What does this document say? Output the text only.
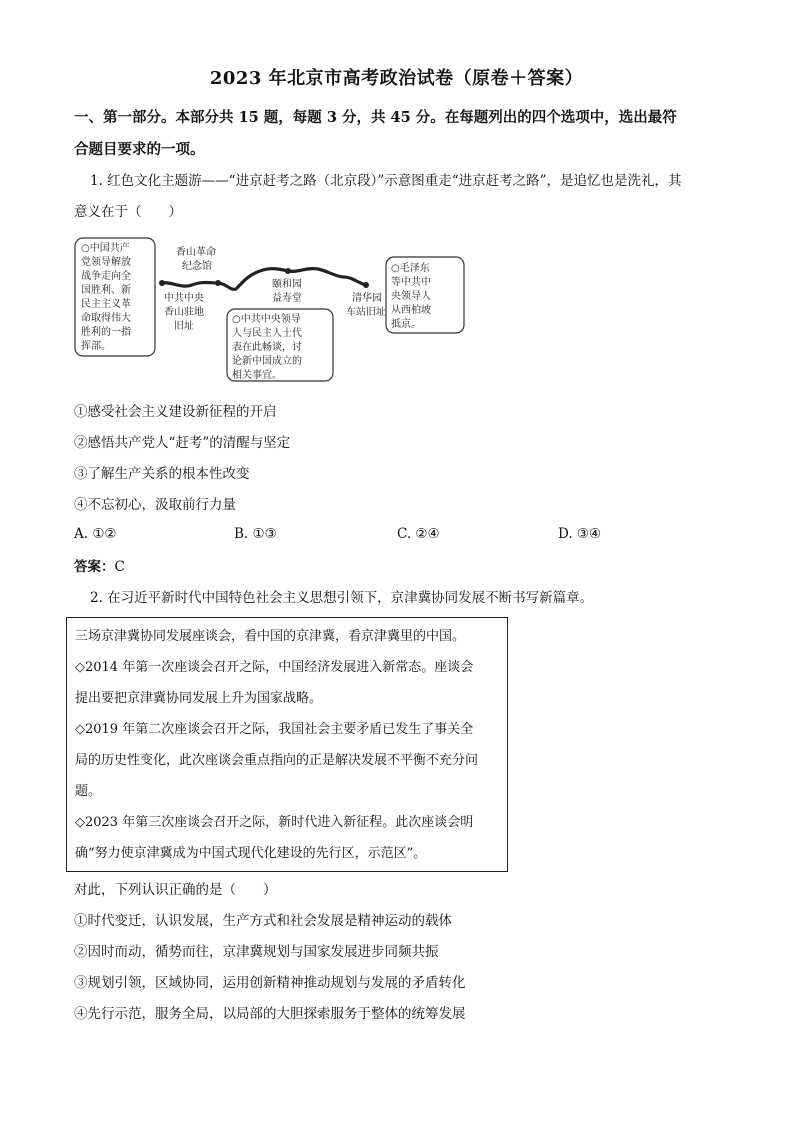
2023 年北京市高考政治试卷（原卷＋答案）
一、第一部分。本部分共 15 题，每题 3 分，共 45 分。在每题列出的四个选项中，选出最符
合题目要求的一项。
1. 红色文化主题游——“进京赶考之路（北京段）”示意图重走“进京赶考之路”，是追忆也是洗礼，其
意义在于（　　）
○中国共产
党领导解放
战争走向全
国胜利、新
民主主义革
命取得伟大
胜利的一指
挥部。
香山革命
纪念馆
中共中央
香山驻地
旧址
颐和园
益寿堂	清华园
车站旧址
○中共中央领导
人与民主人士代
表在此畅谈，讨
论新中国成立的
相关事宜。
○毛泽东
等中共中
央领导人
从西柏坡
抵京。
①感受社会主义建设新征程的开启
②感悟共产党人“赶考”的清醒与坚定
③了解生产关系的根本性改变
④不忘初心，汲取前行力量
A. ①②	B. ①③	C. ②④	D. ③④
答案：C
2. 在习近平新时代中国特色社会主义思想引领下，京津冀协同发展不断书写新篇章。
三场京津冀协同发展座谈会，看中国的京津冀，看京津冀里的中国。
◇2014 年第一次座谈会召开之际，中国经济发展进入新常态。座谈会
提出要把京津冀协同发展上升为国家战略。
◇2019 年第二次座谈会召开之际，我国社会主要矛盾已发生了事关全
局的历史性变化，此次座谈会重点指向的正是解决发展不平衡不充分问
题。
◇2023 年第三次座谈会召开之际，新时代进入新征程。此次座谈会明
确“努力使京津冀成为中国式现代化建设的先行区，示范区”。
对此，下列认识正确的是（　　）
①时代变迁，认识发展，生产方式和社会发展是精神运动的载体
②因时而动，循势而往，京津冀规划与国家发展进步同频共振
③规划引领，区域协同，运用创新精神推动规划与发展的矛盾转化
④先行示范，服务全局，以局部的大胆探索服务于整体的统筹发展
